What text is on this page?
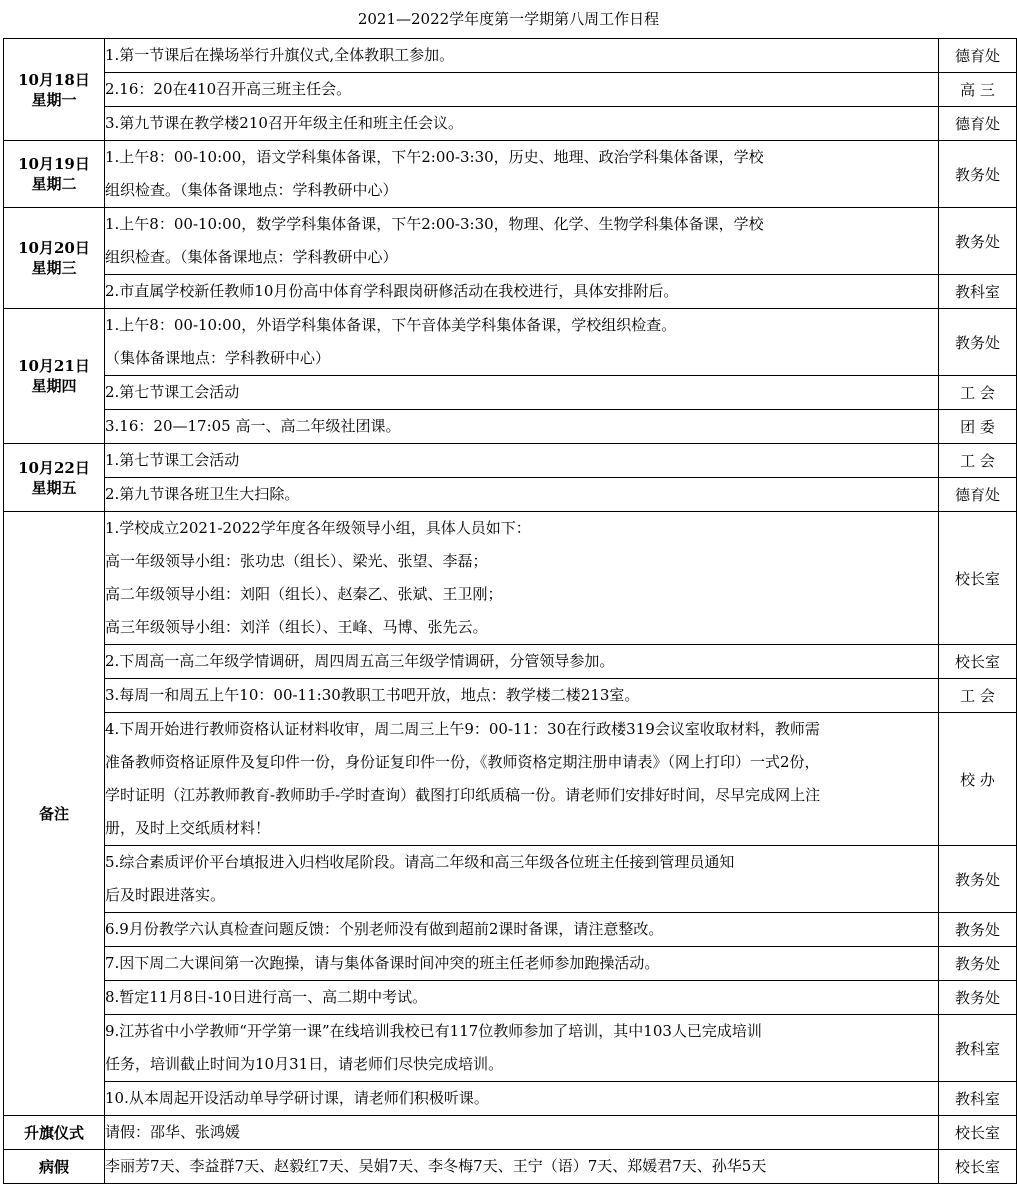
2021—2022学年度第一学期第八周工作日程
10月18日
星期一	1.第一节课后在操场举行升旗仪式,全体教职工参加。	德育处

	2.16：20在410召开高三班主任会。	高 三

	3.第九节课在教学楼210召开年级主任和班主任会议。	德育处

10月19日
星期二	1.上午8：00-10:00，语文学科集体备课，下午2:00-3:30，历史、地理、政治学科集体备课，学校
组织检查。（集体备课地点：学科教研中心）	教务处

10月20日
星期三	1.上午8：00-10:00，数学学科集体备课，下午2:00-3:30，物理、化学、生物学科集体备课，学校
组织检查。（集体备课地点：学科教研中心）	教务处

	2.市直属学校新任教师10月份高中体育学科跟岗研修活动在我校进行，具体安排附后。	教科室

10月21日
星期四	1.上午8：00-10:00，外语学科集体备课，下午音体美学科集体备课，学校组织检查。
（集体备课地点：学科教研中心）	教务处

	2.第七节课工会活动	工 会

	3.16：20—17:05 高一、高二年级社团课。	团 委

10月22日
星期五	1.第七节课工会活动	工 会

	2.第九节课各班卫生大扫除。	德育处

备注	1.学校成立2021-2022学年度各年级领导小组，具体人员如下：
高一年级领导小组：张功忠（组长）、梁光、张望、李磊；
高二年级领导小组：刘阳（组长）、赵秦乙、张斌、王卫刚；
高三年级领导小组：刘洋（组长）、王峰、马博、张先云。	校长室

	2.下周高一高二年级学情调研，周四周五高三年级学情调研，分管领导参加。	校长室

	3.每周一和周五上午10：00-11:30教职工书吧开放，地点：教学楼二楼213室。	工 会

	4.下周开始进行教师资格认证材料收审，周二周三上午9：00-11：30在行政楼319会议室收取材料，教师需
准备教师资格证原件及复印件一份，身份证复印件一份，《教师资格定期注册申请表》（网上打印）一式2份，
学时证明（江苏教师教育-教师助手-学时查询）截图打印纸质稿一份。请老师们安排好时间，尽早完成网上注
册，及时上交纸质材料！	校 办

	5.综合素质评价平台填报进入归档收尾阶段。请高二年级和高三年级各位班主任接到管理员通知
后及时跟进落实。	教务处

	6.9月份教学六认真检查问题反馈：个别老师没有做到超前2课时备课，请注意整改。	教务处

	7.因下周二大课间第一次跑操，请与集体备课时间冲突的班主任老师参加跑操活动。	教务处

	8.暂定11月8日-10日进行高一、高二期中考试。	教务处

	9.江苏省中小学教师“开学第一课”在线培训我校已有117位教师参加了培训，其中103人已完成培训
任务，培训截止时间为10月31日，请老师们尽快完成培训。	教科室

	10.从本周起开设活动单导学研讨课，请老师们积极听课。	教科室

升旗仪式	请假：邵华、张鸿媛	校长室

病假	李丽芳7天、李益群7天、赵毅红7天、吴娟7天、李冬梅7天、王宁（语）7天、郑媛君7天、孙华5天	校长室
